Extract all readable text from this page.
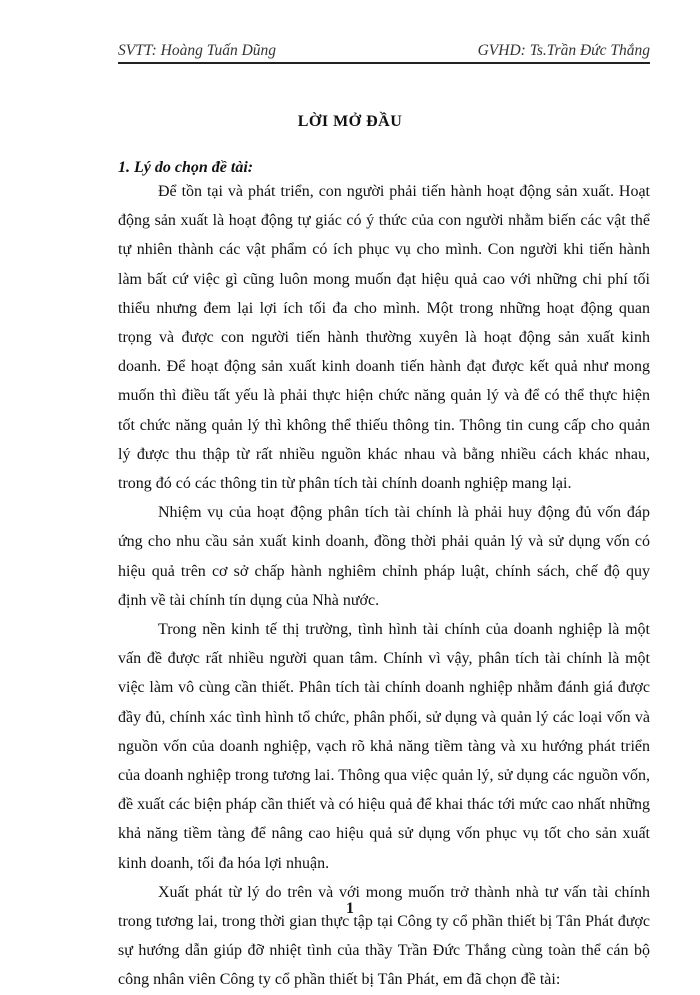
SVTT: Hoàng Tuấn Dũng	GVHD: Ts.Trần Đức Thắng
LỜI MỞ ĐẦU
1. Lý do chọn đề tài:

Để tồn tại và phát triển, con người phải tiến hành hoạt động sản xuất. Hoạt động sản xuất là hoạt động tự giác có ý thức của con người nhằm biến các vật thể tự nhiên thành các vật phẩm có ích phục vụ cho mình. Con người khi tiến hành làm bất cứ việc gì cũng luôn mong muốn đạt hiệu quả cao với những chi phí tối thiểu nhưng đem lại lợi ích tối đa cho mình. Một trong những hoạt động quan trọng và được con người tiến hành thường xuyên là hoạt động sản xuất kinh doanh. Để hoạt động sản xuất kinh doanh tiến hành đạt được kết quả như mong muốn thì điều tất yếu là phải thực hiện chức năng quản lý và để có thể thực hiện tốt chức năng quản lý thì không thể thiếu thông tin. Thông tin cung cấp cho quản lý được thu thập từ rất nhiều nguồn khác nhau và bằng nhiều cách khác nhau, trong đó có các thông tin từ phân tích tài chính doanh nghiệp mang lại.

Nhiệm vụ của hoạt động phân tích tài chính là phải huy động đủ vốn đáp ứng cho nhu cầu sản xuất kinh doanh, đồng thời phải quản lý và sử dụng vốn có hiệu quả trên cơ sở chấp hành nghiêm chỉnh pháp luật, chính sách, chế độ quy định về tài chính tín dụng của Nhà nước.

Trong nền kinh tế thị trường, tình hình tài chính của doanh nghiệp là một vấn đề được rất nhiều người quan tâm. Chính vì vậy, phân tích tài chính là một việc làm vô cùng cần thiết. Phân tích tài chính doanh nghiệp nhằm đánh giá được đầy đủ, chính xác tình hình tổ chức, phân phối, sử dụng và quản lý các loại vốn và nguồn vốn của doanh nghiệp, vạch rõ khả năng tiềm tàng và xu hướng phát triển của doanh nghiệp trong tương lai. Thông qua việc quản lý, sử dụng các nguồn vốn, đề xuất các biện pháp cần thiết và có hiệu quả để khai thác tới mức cao nhất những khả năng tiềm tàng để nâng cao hiệu quả sử dụng vốn phục vụ tốt cho sản xuất kinh doanh, tối đa hóa lợi nhuận.

Xuất phát từ lý do trên và với mong muốn trở thành nhà tư vấn tài chính trong tương lai, trong thời gian thực tập tại Công ty cổ phần thiết bị Tân Phát được sự hướng dẫn giúp đỡ nhiệt tình của thầy Trần Đức Thắng cùng toàn thể cán bộ công nhân viên Công ty cổ phần thiết bị Tân Phát, em đã chọn đề tài:

1
